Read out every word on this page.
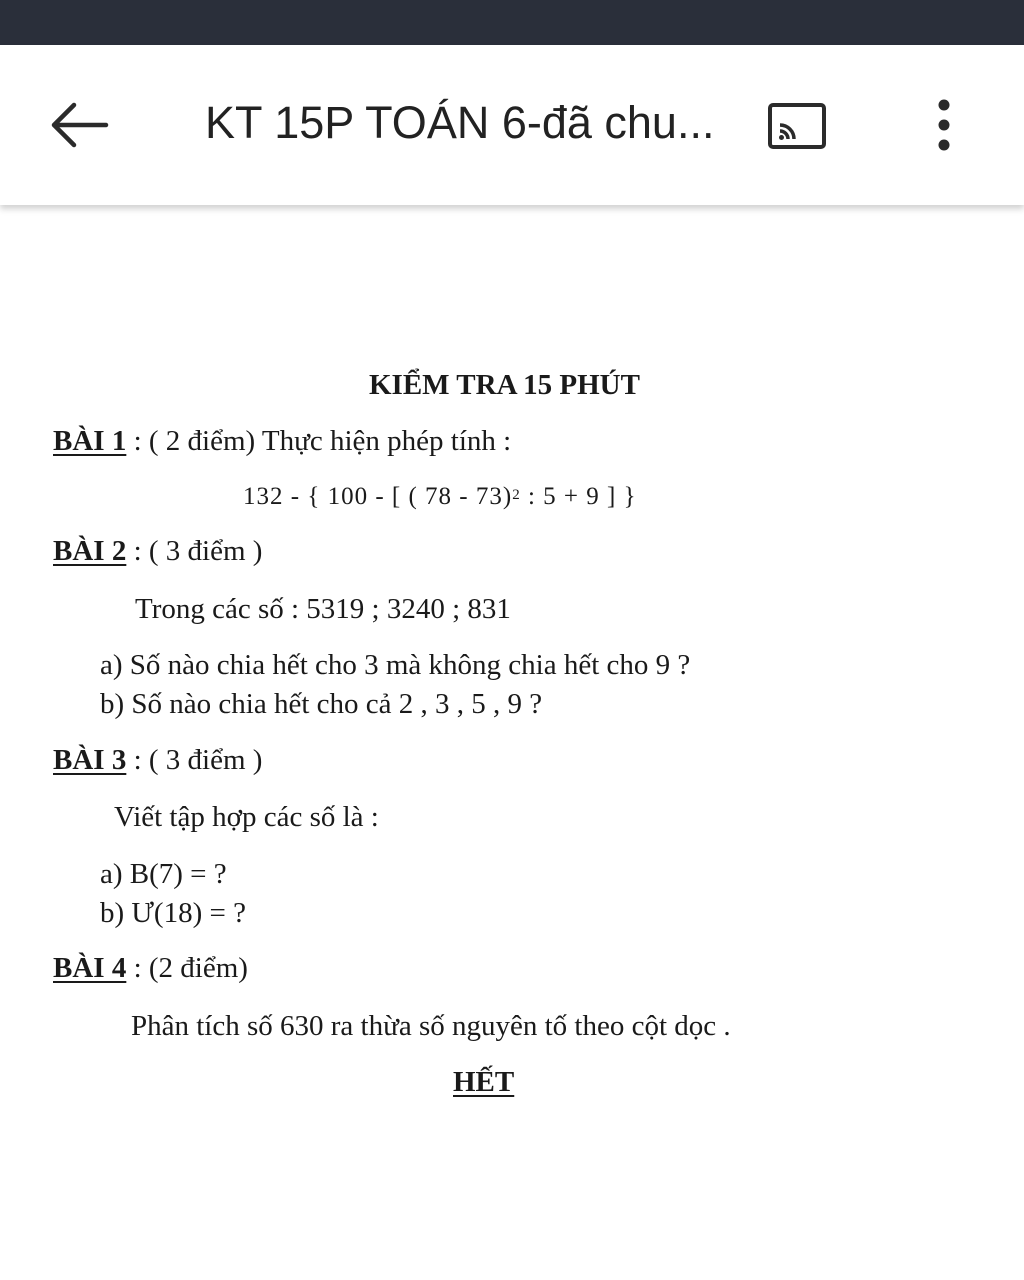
KT 15P TOÁN 6-đã chu...
KIỂM TRA 15 PHÚT
BÀI 1 : ( 2 điểm) Thực hiện phép tính :
132 - { 100 - [ ( 78 - 73)$^2$ : 5 + 9 ] }
BÀI 2 : ( 3 điểm )
Trong các số : 5319 ; 3240 ; 831
a) Số nào chia hết cho 3 mà không chia hết cho 9 ?
b) Số nào chia hết cho cả 2 , 3 , 5 , 9 ?
BÀI 3 : ( 3 điểm )
Viết tập hợp các số là :
a) B(7) = ?
b) Ư(18) = ?
BÀI 4 : (2 điểm)
Phân tích số 630 ra thừa số nguyên tố theo cột dọc .
HẾT
